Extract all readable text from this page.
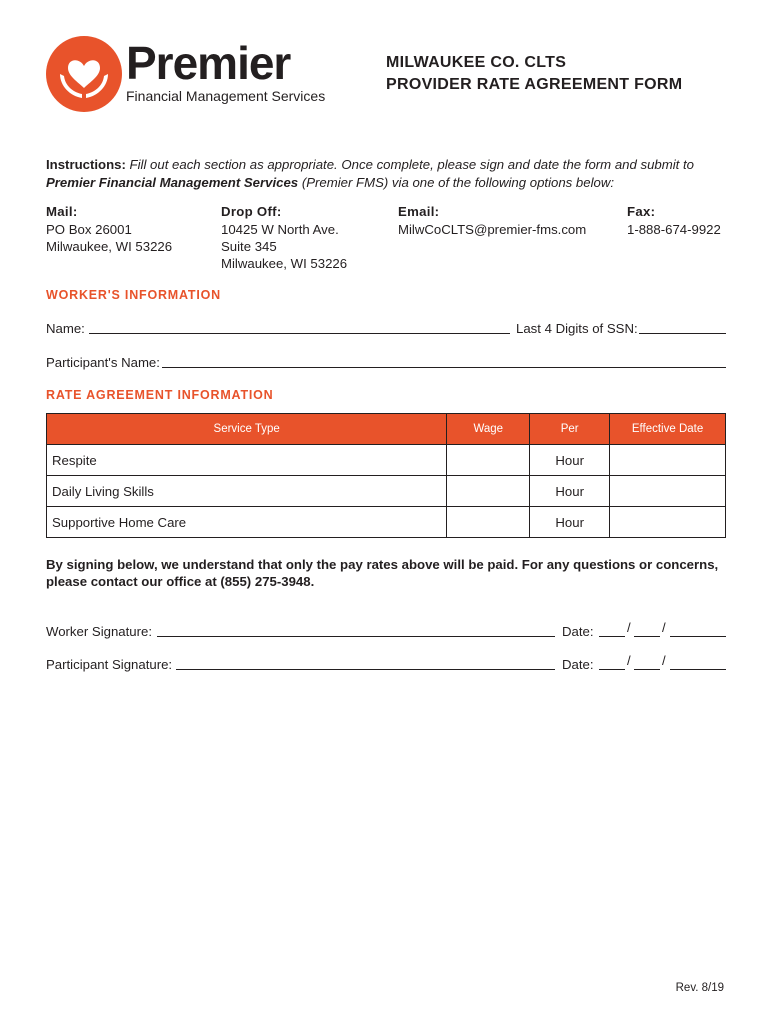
Premier
Financial Management Services
MILWAUKEE CO. CLTS
PROVIDER RATE AGREEMENT FORM
Instructions: Fill out each section as appropriate. Once complete, please sign and date the form and submit to Premier Financial Management Services (Premier FMS) via one of the following options below:
Mail:
PO Box 26001
Milwaukee, WI 53226
Drop Off:
10425 W North Ave.
Suite 345
Milwaukee, WI 53226
Email:
MilwCoCLTS@premier-fms.com
Fax:
1-888-674-9922
WORKER'S INFORMATION
Name:	Last 4 Digits of SSN:
Participant's Name:
RATE AGREEMENT INFORMATION
Service Type	Wage	Per	Effective Date
Respite		Hour	
Daily Living Skills		Hour	
Supportive Home Care		Hour	
By signing below, we understand that only the pay rates above will be paid. For any questions or concerns,
please contact our office at (855) 275-3948.
Worker Signature:	Date:	/ /
Participant Signature:	Date:	/ /
Rev. 8/19
